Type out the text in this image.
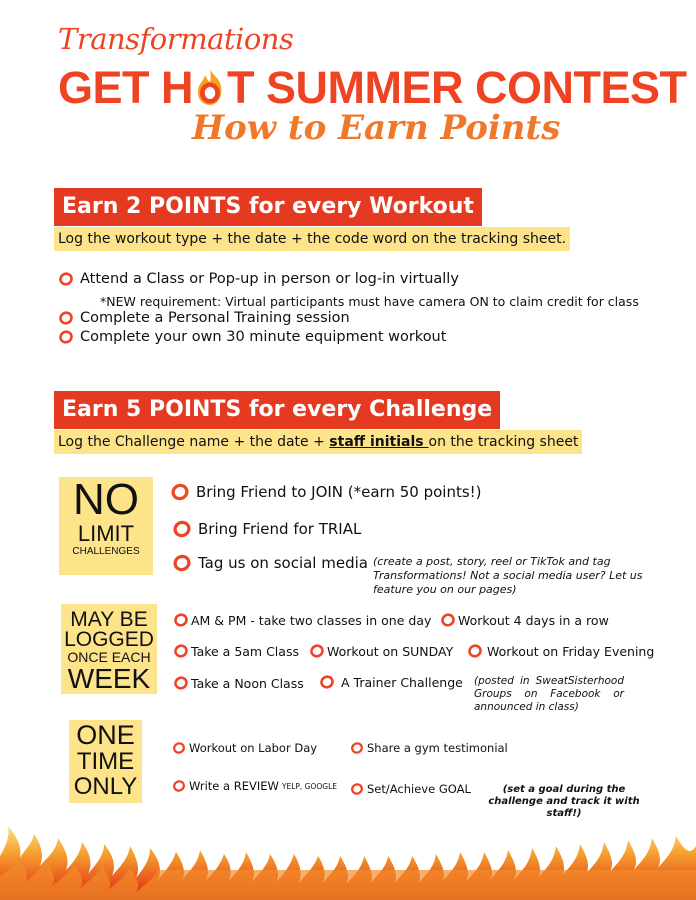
Transformations
GET H T SUMMER CONTEST
How to Earn Points
Earn 2 POINTS for every Workout
Log the workout type + the date + the code word on the tracking sheet.
Attend a Class or Pop-up in person or log-in virtually
*NEW requirement: Virtual participants must have camera ON to claim credit for class
Complete a Personal Training session
Complete your own 30 minute equipment workout
Earn 5 POINTS for every Challenge
Log the Challenge name + the date + staff initials on the tracking sheet
NO
LIMIT
CHALLENGES
Bring Friend to JOIN (*earn 50 points!)
Bring Friend for TRIAL
Tag us on social media (create a post, story, reel or TikTok and tag Transformations! Not a social media user? Let us feature you on our pages)
MAY BE
LOGGED
ONCE EACH
WEEK
AM & PM - take two classes in one day Workout 4 days in a row
Take a 5am Class Workout on SUNDAY	Workout on Friday Evening
Take a Noon Class	A Trainer Challenge (posted in SweatSisterhood Groups on Facebook or announced in class)
ONE
TIME
ONLY
Workout on Labor Day	Share a gym testimonial
Write a REVIEW YELP, GOOGLE	Set/Achieve GOAL	(set a goal during the challenge and track it with staff!)
